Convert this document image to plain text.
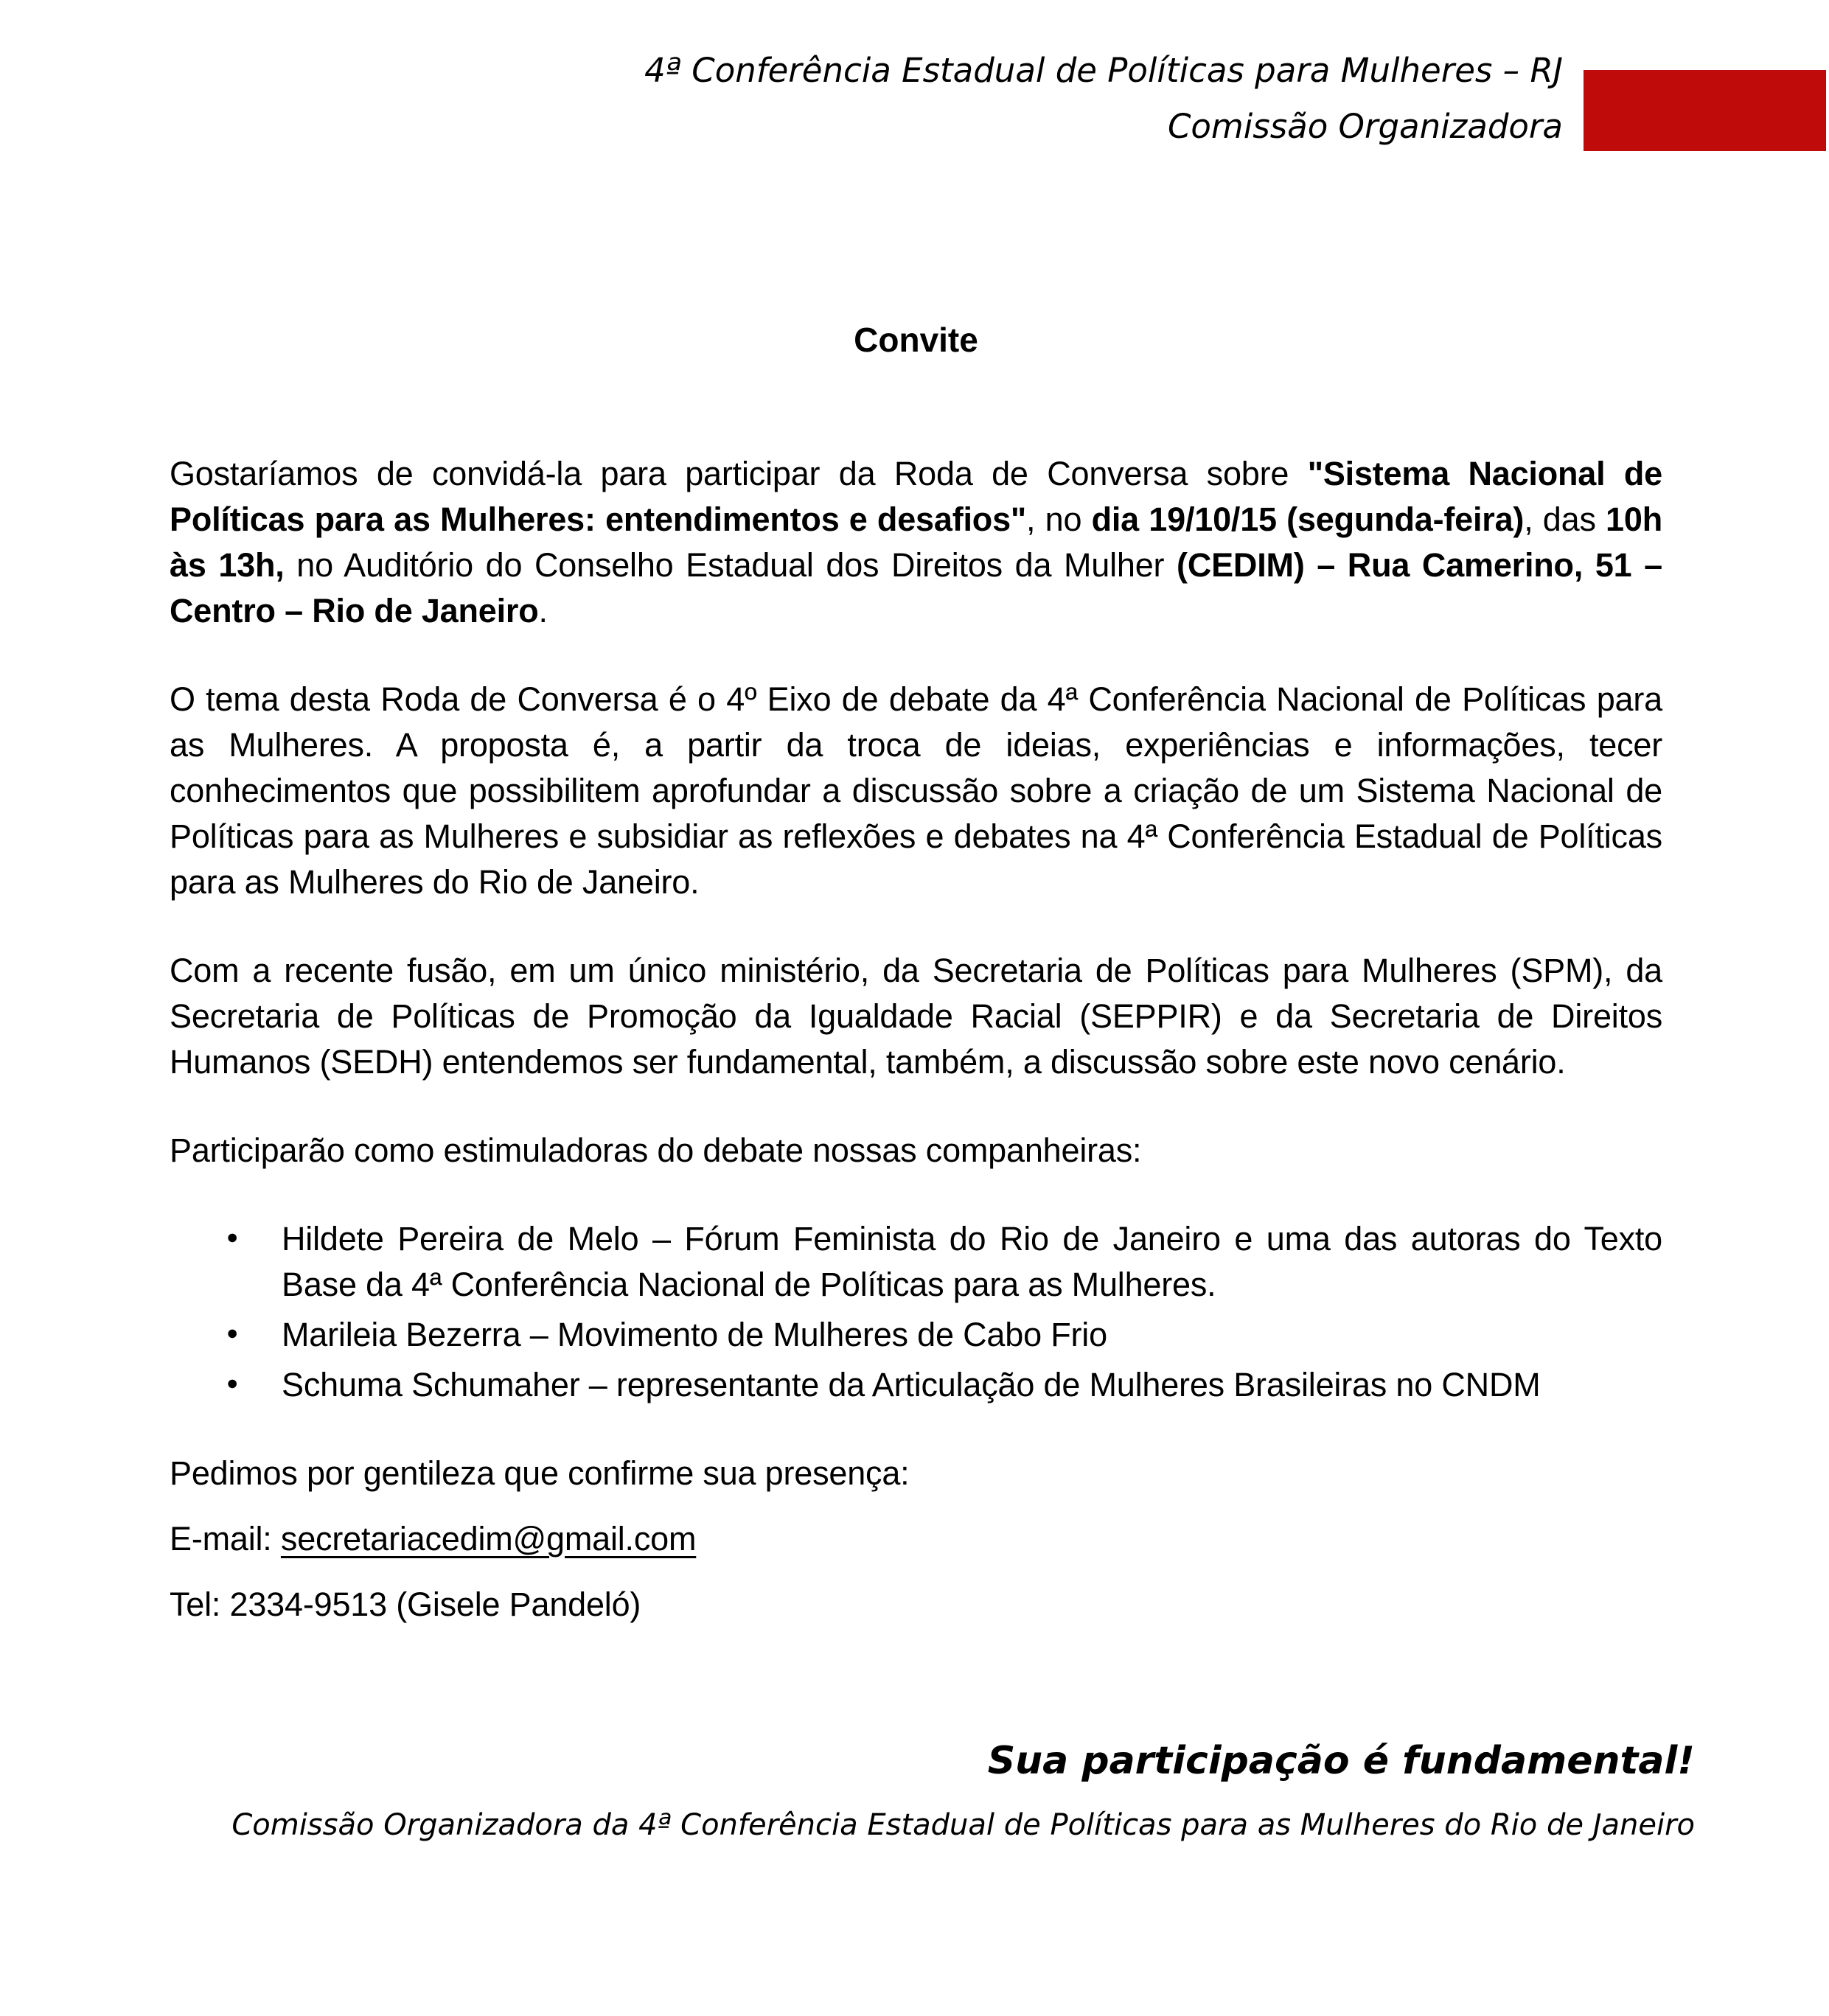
4ª Conferência Estadual de Políticas para Mulheres – RJ
Comissão Organizadora
Convite

Gostaríamos de convidá-la para participar da Roda de Conversa sobre "Sistema Nacional de Políticas para as Mulheres: entendimentos e desafios", no dia 19/10/15 (segunda-feira), das 10h às 13h, no Auditório do Conselho Estadual dos Direitos da Mulher (CEDIM) – Rua Camerino, 51 – Centro – Rio de Janeiro.

O tema desta Roda de Conversa é o 4º Eixo de debate da 4ª Conferência Nacional de Políticas para as Mulheres. A proposta é, a partir da troca de ideias, experiências e informações, tecer conhecimentos que possibilitem aprofundar a discussão sobre a criação de um Sistema Nacional de Políticas para as Mulheres e subsidiar as reflexões e debates na 4ª Conferência Estadual de Políticas para as Mulheres do Rio de Janeiro.

Com a recente fusão, em um único ministério, da Secretaria de Políticas para Mulheres (SPM), da Secretaria de Políticas de Promoção da Igualdade Racial (SEPPIR) e da Secretaria de Direitos Humanos (SEDH) entendemos ser fundamental, também, a discussão sobre este novo cenário.

Participarão como estimuladoras do debate nossas companheiras:

● Hildete Pereira de Melo – Fórum Feminista do Rio de Janeiro e uma das autoras do Texto Base da 4ª Conferência Nacional de Políticas para as Mulheres.
● Marileia Bezerra – Movimento de Mulheres de Cabo Frio
● Schuma Schumaher – representante da Articulação de Mulheres Brasileiras no CNDM

Pedimos por gentileza que confirme sua presença:

E-mail: secretariacedim@gmail.com

Tel: 2334-9513 (Gisele Pandeló)

Sua participação é fundamental!
Comissão Organizadora da 4ª Conferência Estadual de Políticas para as Mulheres do Rio de Janeiro
